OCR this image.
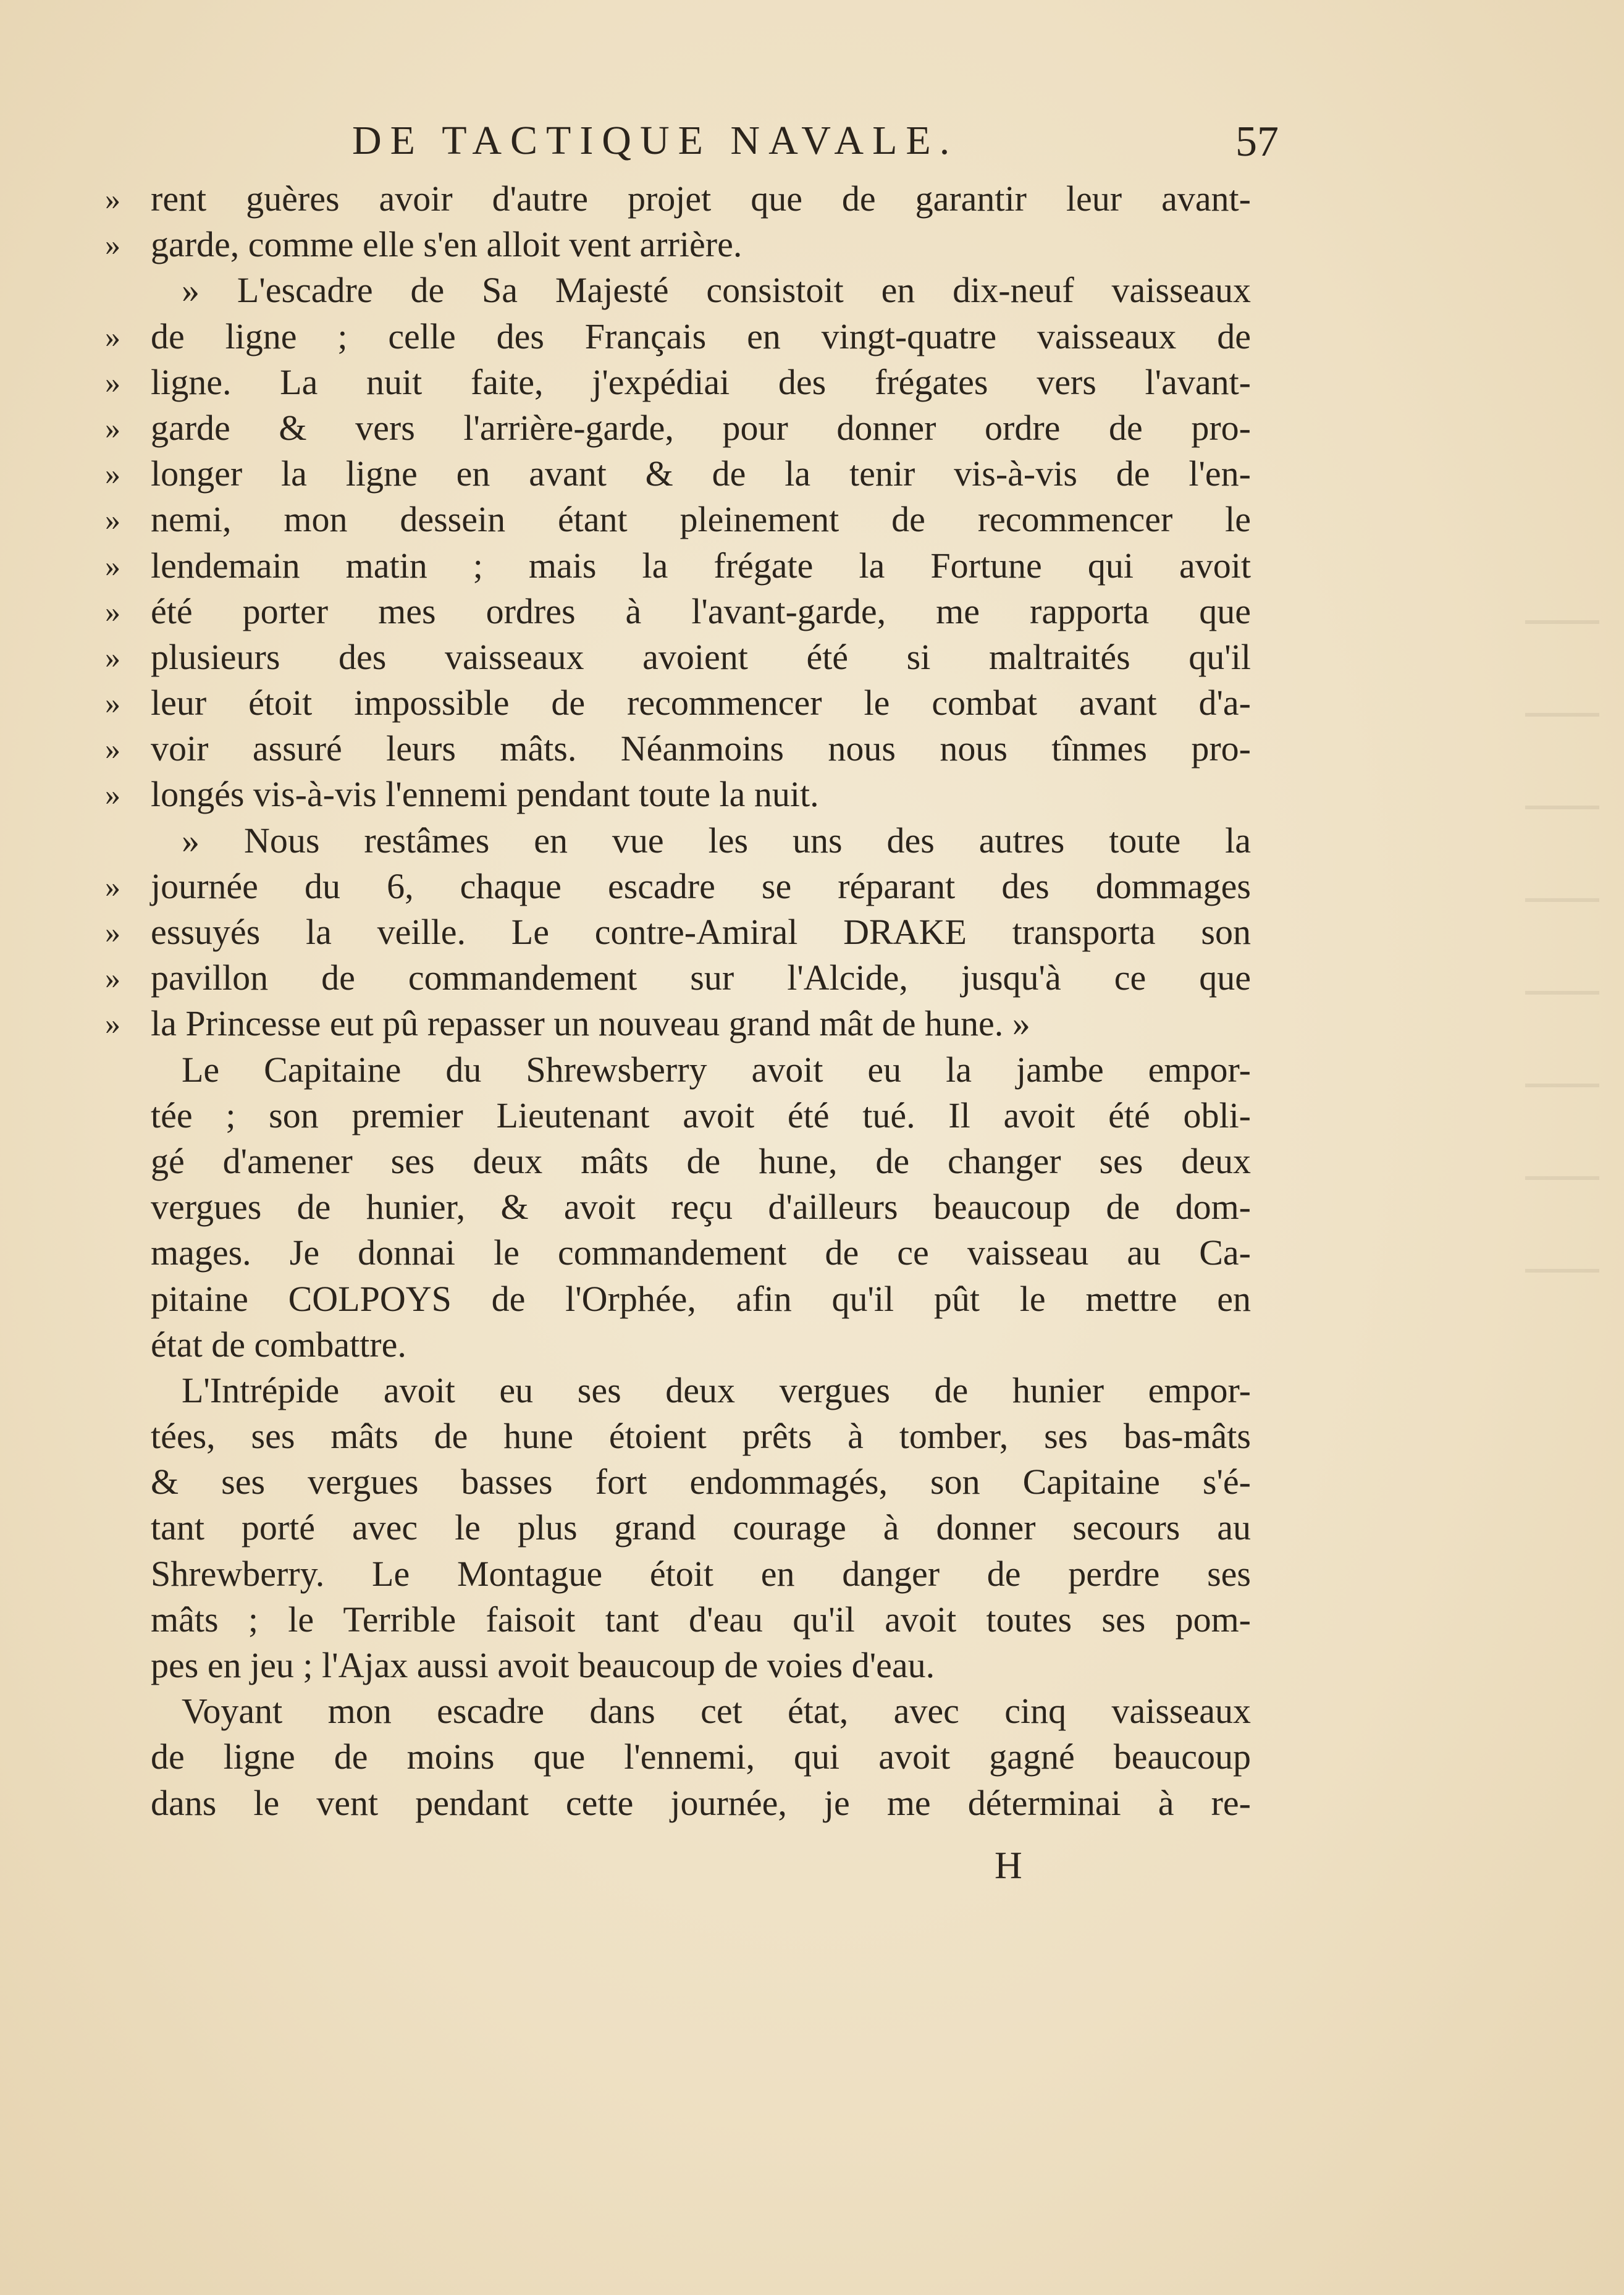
DE TACTIQUE NAVALE.	57
» rent guères avoir d'autre projet que de garantir leur avant-
» garde, comme elle s'en alloit vent arrière.
» L'escadre de Sa Majesté consistoit en dix-neuf vaisseaux
» de ligne ; celle des Français en vingt-quatre vaisseaux de
» ligne. La nuit faite, j'expédiai des frégates vers l'avant-
» garde & vers l'arrière-garde, pour donner ordre de pro-
» longer la ligne en avant & de la tenir vis-à-vis de l'en-
» nemi, mon dessein étant pleinement de recommencer le
» lendemain matin ; mais la frégate la Fortune qui avoit
» été porter mes ordres à l'avant-garde, me rapporta que
» plusieurs des vaisseaux avoient été si maltraités qu'il
» leur étoit impossible de recommencer le combat avant d'a-
» voir assuré leurs mâts. Néanmoins nous nous tînmes pro-
» longés vis-à-vis l'ennemi pendant toute la nuit.
» Nous restâmes en vue les uns des autres toute la
» journée du 6, chaque escadre se réparant des dommages
» essuyés la veille. Le contre-Amiral DRAKE transporta son
» pavillon de commandement sur l'Alcide, jusqu'à ce que
» la Princesse eut pû repasser un nouveau grand mât de hune. »
Le Capitaine du Shrewsberry avoit eu la jambe empor-
tée ; son premier Lieutenant avoit été tué. Il avoit été obli-
gé d'amener ses deux mâts de hune, de changer ses deux
vergues de hunier, & avoit reçu d'ailleurs beaucoup de dom-
mages. Je donnai le commandement de ce vaisseau au Ca-
pitaine COLPOYS de l'Orphée, afin qu'il pût le mettre en
état de combattre.
L'Intrépide avoit eu ses deux vergues de hunier empor-
tées, ses mâts de hune étoient prêts à tomber, ses bas-mâts
& ses vergues basses fort endommagés, son Capitaine s'é-
tant porté avec le plus grand courage à donner secours au
Shrewberry. Le Montague étoit en danger de perdre ses
mâts ; le Terrible faisoit tant d'eau qu'il avoit toutes ses pom-
pes en jeu ; l'Ajax aussi avoit beaucoup de voies d'eau.
Voyant mon escadre dans cet état, avec cinq vaisseaux
de ligne de moins que l'ennemi, qui avoit gagné beaucoup
dans le vent pendant cette journée, je me déterminai à re-
H
